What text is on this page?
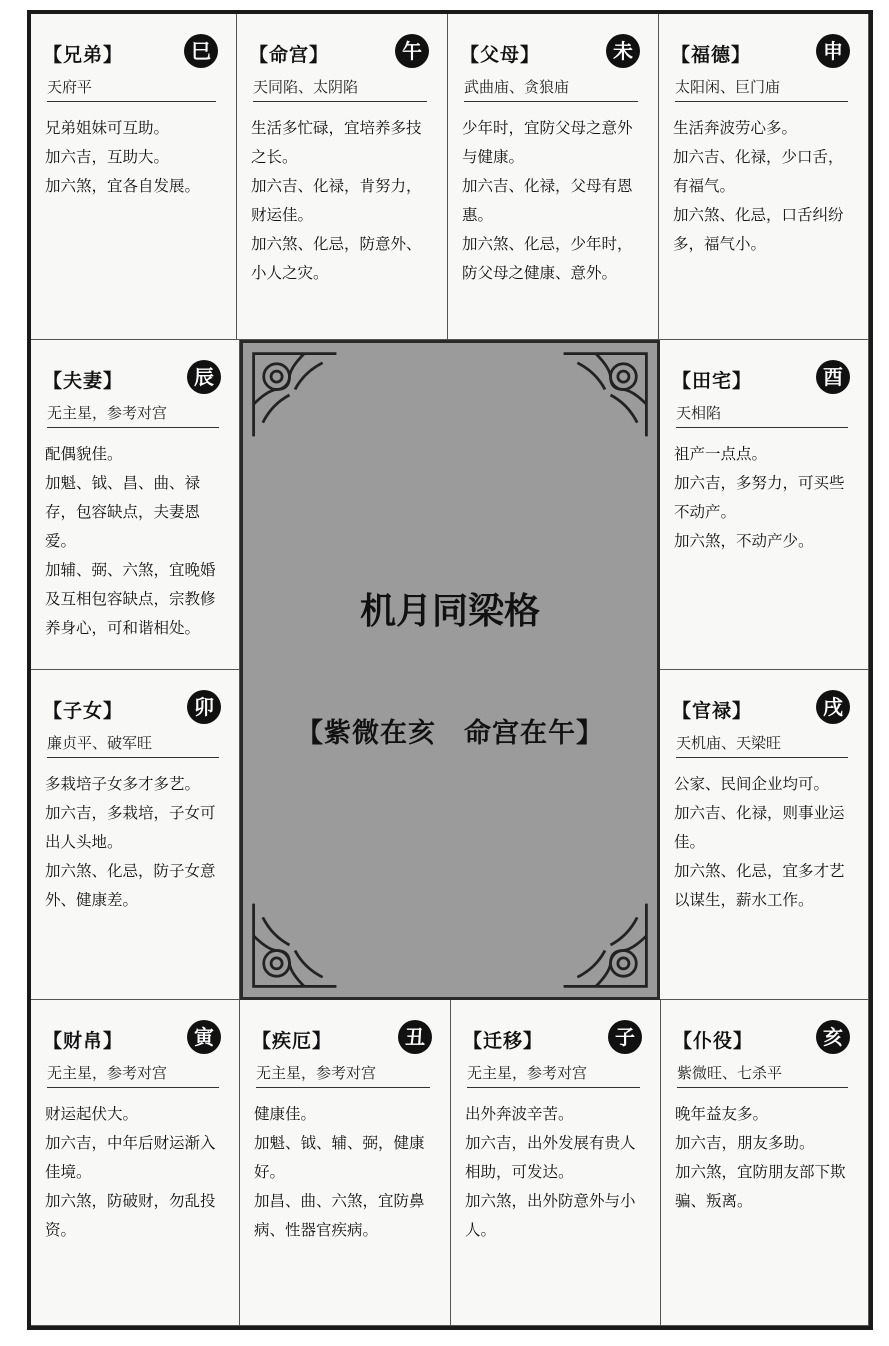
【兄弟】	巳
天府平

兄弟姐妹可互助。

加六吉，互助大。

加六煞，宜各自发展。

【命宫】	午
天同陷、太阴陷

生活多忙碌，宜培养多技之长。

加六吉、化禄，肯努力，财运佳。

加六煞、化忌，防意外、小人之灾。

【父母】	未
武曲庙、贪狼庙

少年时，宜防父母之意外与健康。

加六吉、化禄，父母有恩惠。

加六煞、化忌，少年时，防父母之健康、意外。

【福德】	申
太阳闲、巨门庙

生活奔波劳心多。

加六吉、化禄，少口舌，有福气。

加六煞、化忌，口舌纠纷多，福气小。

【夫妻】	辰
无主星，参考对宫

配偶貌佳。

加魁、钺、昌、曲、禄存，包容缺点，夫妻恩爱。

加辅、弼、六煞，宜晚婚及互相包容缺点，宗教修养身心，可和谐相处。

【田宅】	酉
天相陷

祖产一点点。

加六吉，多努力，可买些不动产。

加六煞，不动产少。

【子女】	卯
廉贞平、破军旺

多栽培子女多才多艺。

加六吉，多栽培，子女可出人头地。

加六煞、化忌，防子女意外、健康差。

【官禄】	戌
天机庙、天梁旺

公家、民间企业均可。

加六吉、化禄，则事业运佳。

加六煞、化忌，宜多才艺以谋生，薪水工作。

【财帛】	寅
无主星，参考对宫

财运起伏大。

加六吉，中年后财运渐入佳境。

加六煞，防破财，勿乱投资。

【疾厄】	丑
无主星，参考对宫

健康佳。

加魁、钺、辅、弼，健康好。

加昌、曲、六煞，宜防鼻病、性器官疾病。

【迁移】	子
无主星，参考对宫

出外奔波辛苦。

加六吉，出外发展有贵人相助，可发达。

加六煞，出外防意外与小人。

【仆役】	亥
紫微旺、七杀平

晚年益友多。

加六吉，朋友多助。

加六煞，宜防朋友部下欺骗、叛离。

机月同梁格
【紫微在亥　命宫在午】
